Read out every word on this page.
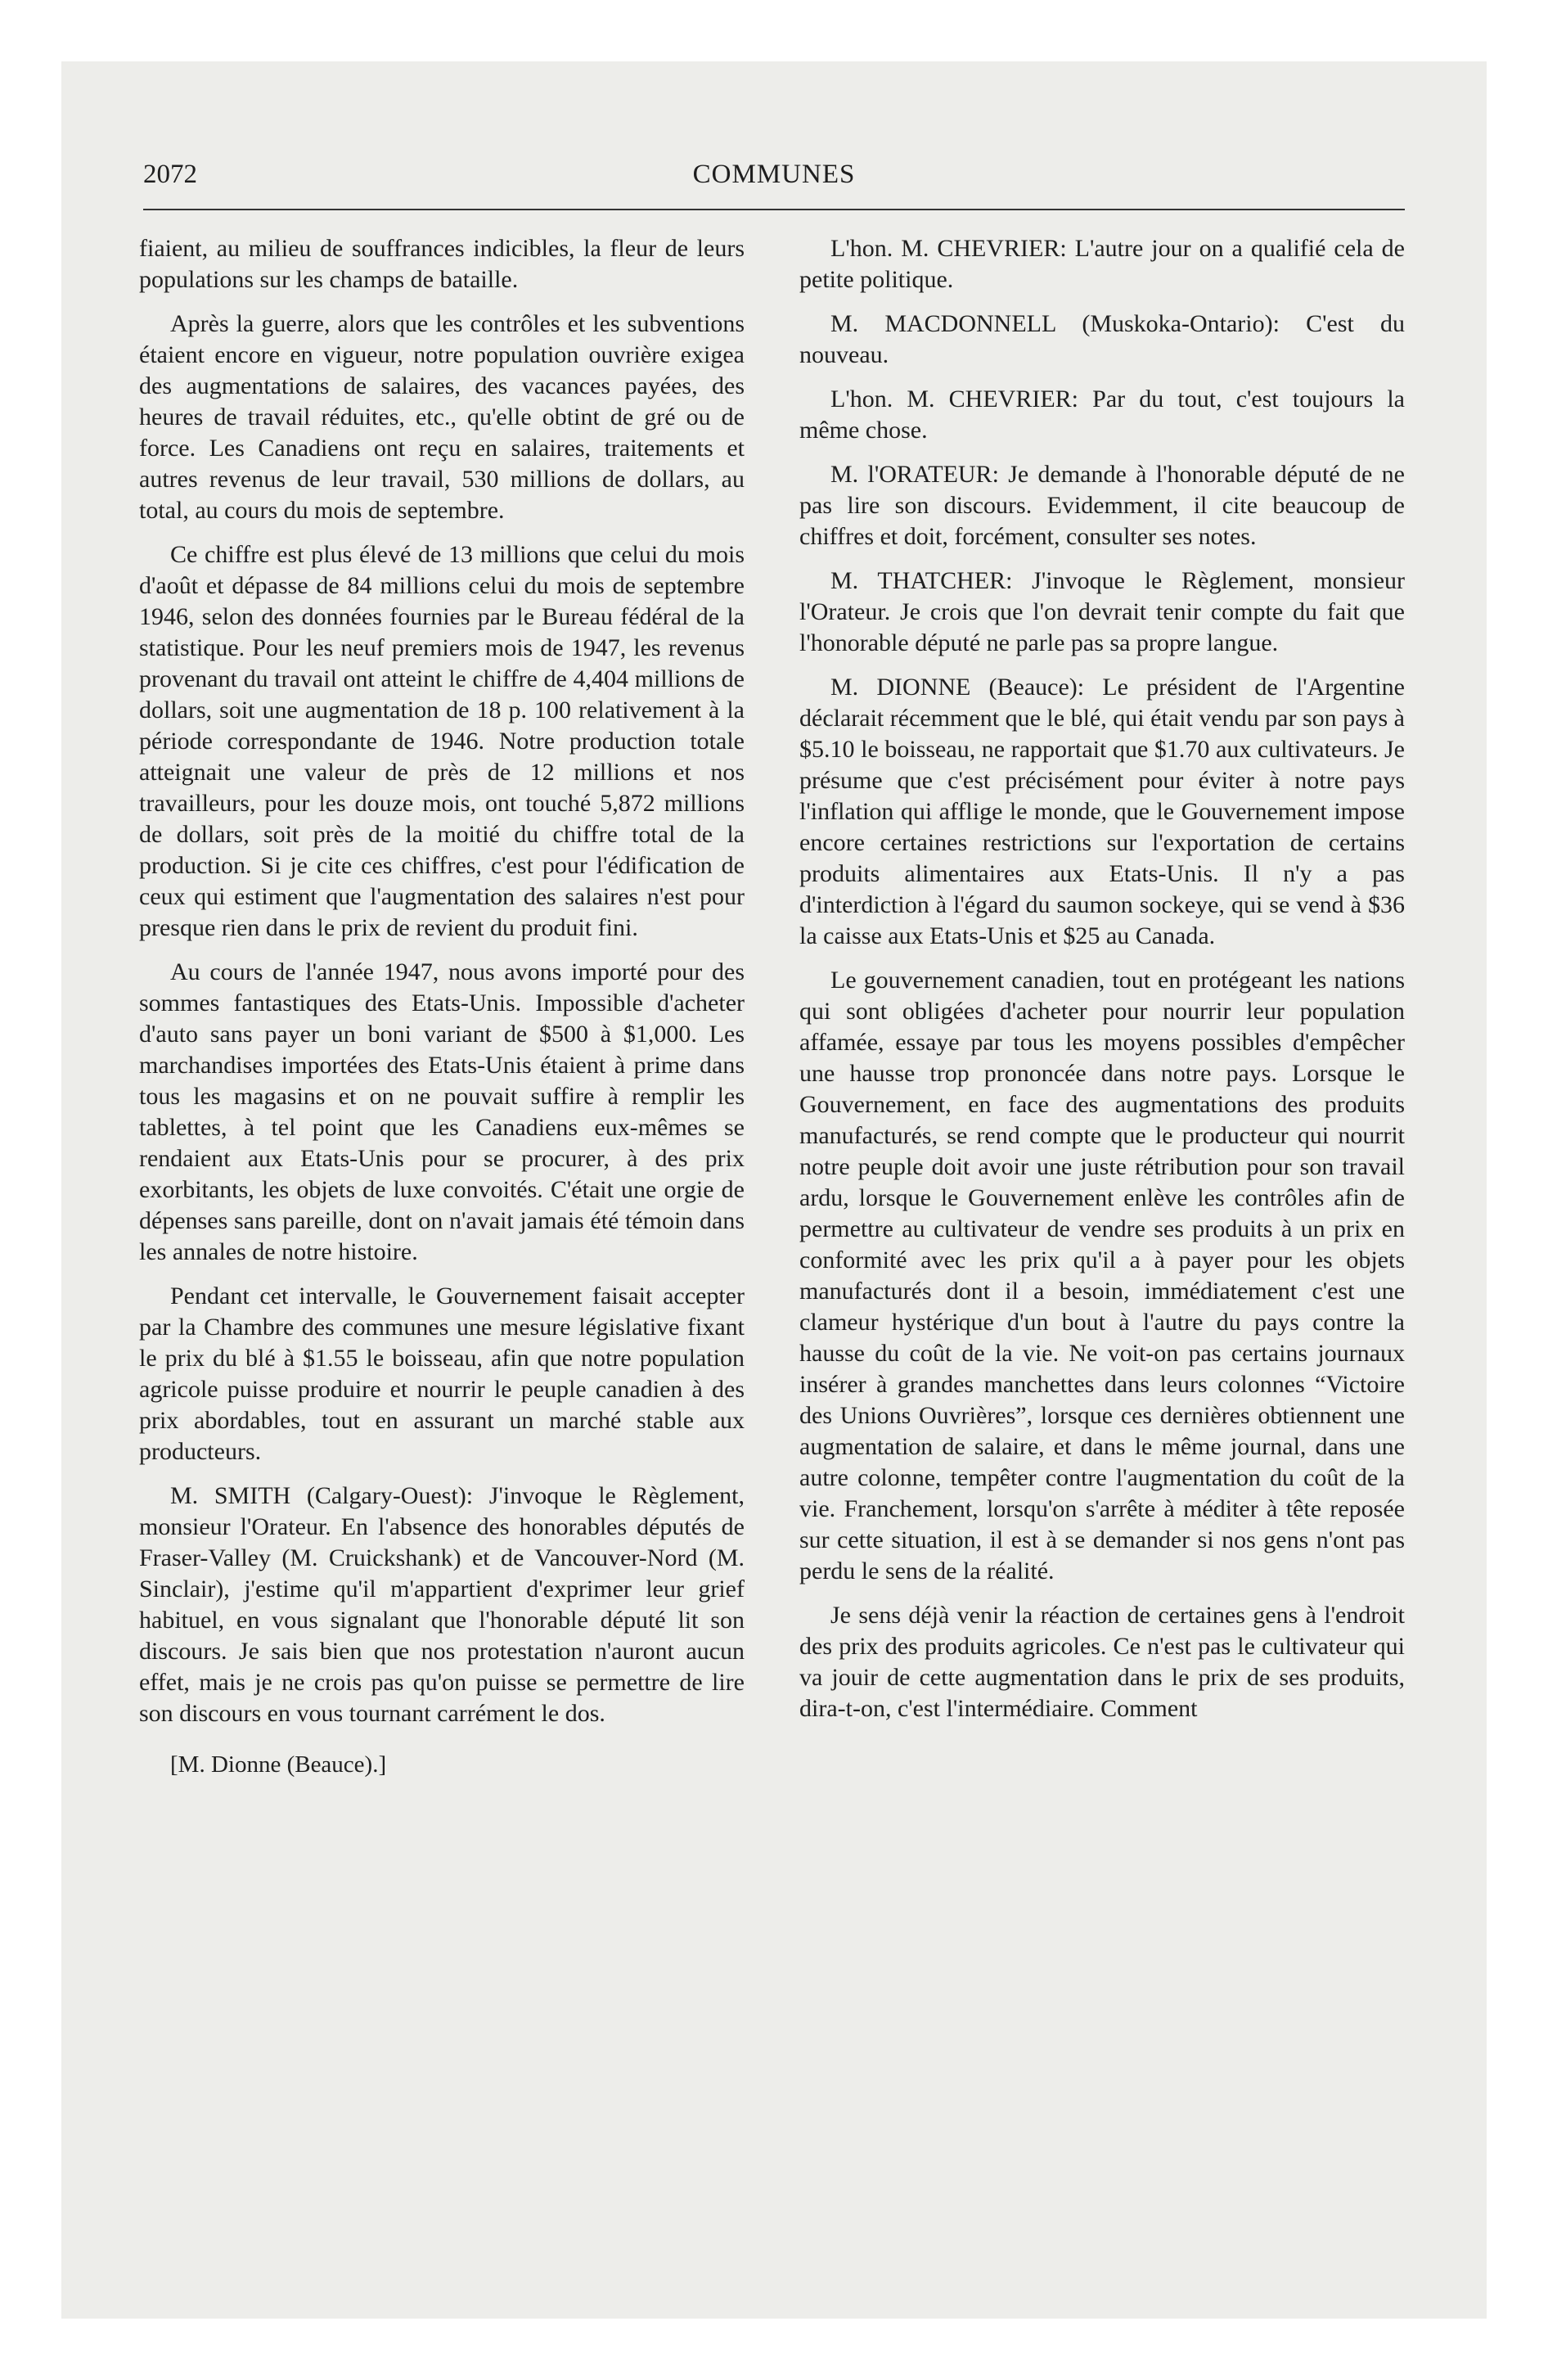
2072	COMMUNES

fiaient, au milieu de souffrances indicibles, la fleur de leurs populations sur les champs de bataille.

Après la guerre, alors que les contrôles et les subventions étaient encore en vigueur, notre population ouvrière exigea des augmentations de salaires, des vacances payées, des heures de travail réduites, etc., qu'elle obtint de gré ou de force. Les Canadiens ont reçu en salaires, traitements et autres revenus de leur travail, 530 millions de dollars, au total, au cours du mois de septembre.

Ce chiffre est plus élevé de 13 millions que celui du mois d'août et dépasse de 84 millions celui du mois de septembre 1946, selon des données fournies par le Bureau fédéral de la statistique. Pour les neuf premiers mois de 1947, les revenus provenant du travail ont atteint le chiffre de 4,404 millions de dollars, soit une augmentation de 18 p. 100 relativement à la période correspondante de 1946. Notre production totale atteignait une valeur de près de 12 millions et nos travailleurs, pour les douze mois, ont touché 5,872 millions de dollars, soit près de la moitié du chiffre total de la production. Si je cite ces chiffres, c'est pour l'édification de ceux qui estiment que l'augmentation des salaires n'est pour presque rien dans le prix de revient du produit fini.

Au cours de l'année 1947, nous avons importé pour des sommes fantastiques des Etats-Unis. Impossible d'acheter d'auto sans payer un boni variant de $500 à $1,000. Les marchandises importées des Etats-Unis étaient à prime dans tous les magasins et on ne pouvait suffire à remplir les tablettes, à tel point que les Canadiens eux-mêmes se rendaient aux Etats-Unis pour se procurer, à des prix exorbitants, les objets de luxe convoités. C'était une orgie de dépenses sans pareille, dont on n'avait jamais été témoin dans les annales de notre histoire.

Pendant cet intervalle, le Gouvernement faisait accepter par la Chambre des communes une mesure législative fixant le prix du blé à $1.55 le boisseau, afin que notre population agricole puisse produire et nourrir le peuple canadien à des prix abordables, tout en assurant un marché stable aux producteurs.

M. SMITH (Calgary-Ouest): J'invoque le Règlement, monsieur l'Orateur. En l'absence des honorables députés de Fraser-Valley (M. Cruickshank) et de Vancouver-Nord (M. Sinclair), j'estime qu'il m'appartient d'exprimer leur grief habituel, en vous signalant que l'honorable député lit son discours. Je sais bien que nos protestation n'auront aucun effet, mais je ne crois pas qu'on puisse se permettre de lire son discours en vous tournant carrément le dos.

[M. Dionne (Beauce).]

L'hon. M. CHEVRIER: L'autre jour on a qualifié cela de petite politique.

M. MACDONNELL (Muskoka-Ontario): C'est du nouveau.

L'hon. M. CHEVRIER: Par du tout, c'est toujours la même chose.

M. l'ORATEUR: Je demande à l'honorable député de ne pas lire son discours. Evidemment, il cite beaucoup de chiffres et doit, forcément, consulter ses notes.

M. THATCHER: J'invoque le Règlement, monsieur l'Orateur. Je crois que l'on devrait tenir compte du fait que l'honorable député ne parle pas sa propre langue.

M. DIONNE (Beauce): Le président de l'Argentine déclarait récemment que le blé, qui était vendu par son pays à $5.10 le boisseau, ne rapportait que $1.70 aux cultivateurs. Je présume que c'est précisément pour éviter à notre pays l'inflation qui afflige le monde, que le Gouvernement impose encore certaines restrictions sur l'exportation de certains produits alimentaires aux Etats-Unis. Il n'y a pas d'interdiction à l'égard du saumon sockeye, qui se vend à $36 la caisse aux Etats-Unis et $25 au Canada.

Le gouvernement canadien, tout en protégeant les nations qui sont obligées d'acheter pour nourrir leur population affamée, essaye par tous les moyens possibles d'empêcher une hausse trop prononcée dans notre pays. Lorsque le Gouvernement, en face des augmentations des produits manufacturés, se rend compte que le producteur qui nourrit notre peuple doit avoir une juste rétribution pour son travail ardu, lorsque le Gouvernement enlève les contrôles afin de permettre au cultivateur de vendre ses produits à un prix en conformité avec les prix qu'il a à payer pour les objets manufacturés dont il a besoin, immédiatement c'est une clameur hystérique d'un bout à l'autre du pays contre la hausse du coût de la vie. Ne voit-on pas certains journaux insérer à grandes manchettes dans leurs colonnes “Victoire des Unions Ouvrières”, lorsque ces dernières obtiennent une augmentation de salaire, et dans le même journal, dans une autre colonne, tempêter contre l'augmentation du coût de la vie. Franchement, lorsqu'on s'arrête à méditer à tête reposée sur cette situation, il est à se demander si nos gens n'ont pas perdu le sens de la réalité.

Je sens déjà venir la réaction de certaines gens à l'endroit des prix des produits agricoles. Ce n'est pas le cultivateur qui va jouir de cette augmentation dans le prix de ses produits, dira-t-on, c'est l'intermédiaire. Comment
